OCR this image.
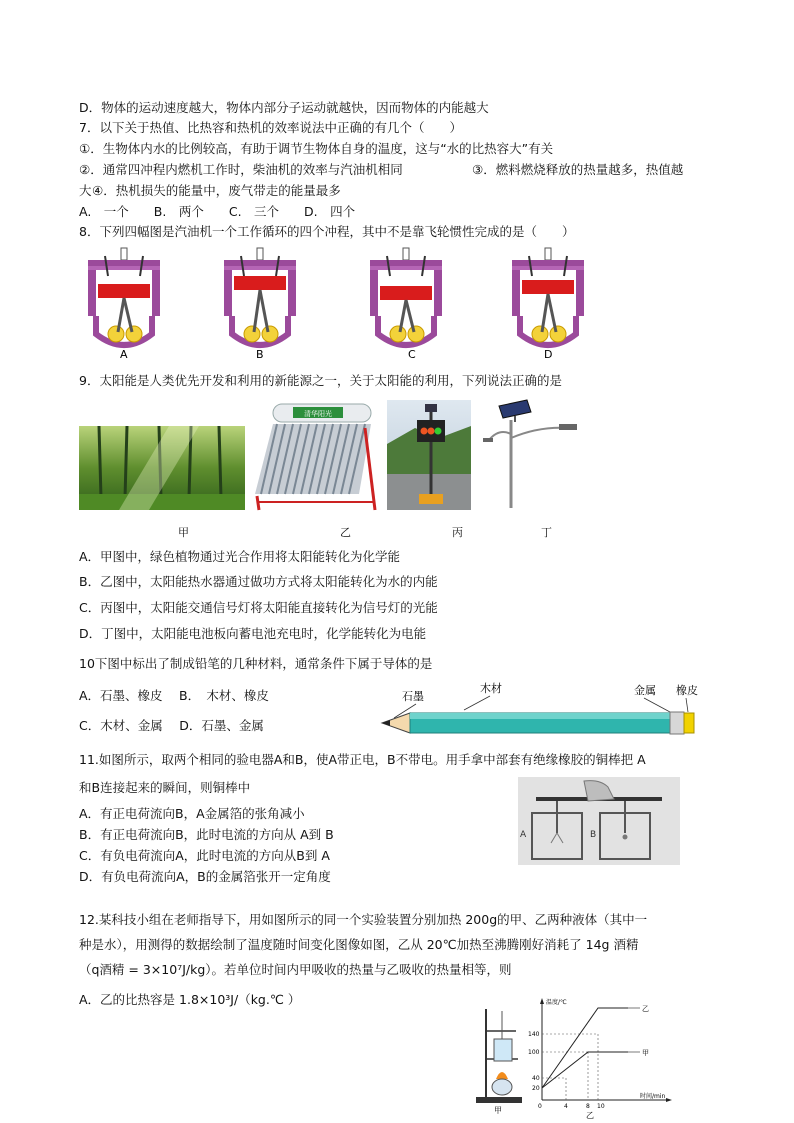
D．物体的运动速度越大，物体内部分子运动就越快，因而物体的内能越大
7．以下关于热值、比热容和热机的效率说法中正确的有几个（　　）
①．生物体内水的比例较高，有助于调节生物体自身的温度，这与“水的比热容大”有关
②．通常四冲程内燃机工作时，柴油机的效率与汽油机相同	③．燃料燃烧释放的热量越多，热值越
大 ④．热机损失的能量中，废气带走的能量最多
A.　一个　　B.　两个　　C.　三个　　D.　四个
8．下列四幅图是汽油机一个工作循环的四个冲程，其中不是靠飞轮惯性完成的是（　　）
A	B	C	D
9．太阳能是人类优先开发和利用的新能源之一，关于太阳能的利用，下列说法正确的是
清华阳光
甲	乙	丙	丁
A．甲图中，绿色植物通过光合作用将太阳能转化为化学能
B．乙图中，太阳能热水器通过做功方式将太阳能转化为水的内能
C．丙图中，太阳能交通信号灯将太阳能直接转化为信号灯的光能
D．丁图中，太阳能电池板向蓄电池充电时，化学能转化为电能
10下图中标出了制成铅笔的几种材料，通常条件下属于导体的是
A．石墨、橡皮　 B．　木材、橡皮
C．木材、金属　 D．石墨、金属
石墨
木材	金属 橡皮
11.如图所示，取两个相同的验电器A和B，使A带正电，B不带电。用手拿中部套有绝缘橡胶的铜棒把 A
和B连接起来的瞬间，则铜棒中
A．有正电荷流向B，A金属箔的张角减小
B．有正电荷流向B，此时电流的方向从 A到 B
C．有负电荷流向A，此时电流的方向从B到 A
D．有负电荷流向A，B的金属箔张开一定角度
A	B
12.某科技小组在老师指导下，用如图所示的同一个实验装置分别加热 200g的甲、乙两种液体（其中一
种是水），用测得的数据绘制了温度随时间变化图像如图，乙从 20℃加热至沸腾刚好消耗了 14g 酒精
（q酒精 = 3×10⁷J/kg）。若单位时间内甲吸收的热量与乙吸收的热量相等，则
A．乙的比热容是 1.8×10³J/（kg.℃ ）
甲
温度/℃
时间/min
140
100
40
20
0	4	8 10
乙
甲
乙
